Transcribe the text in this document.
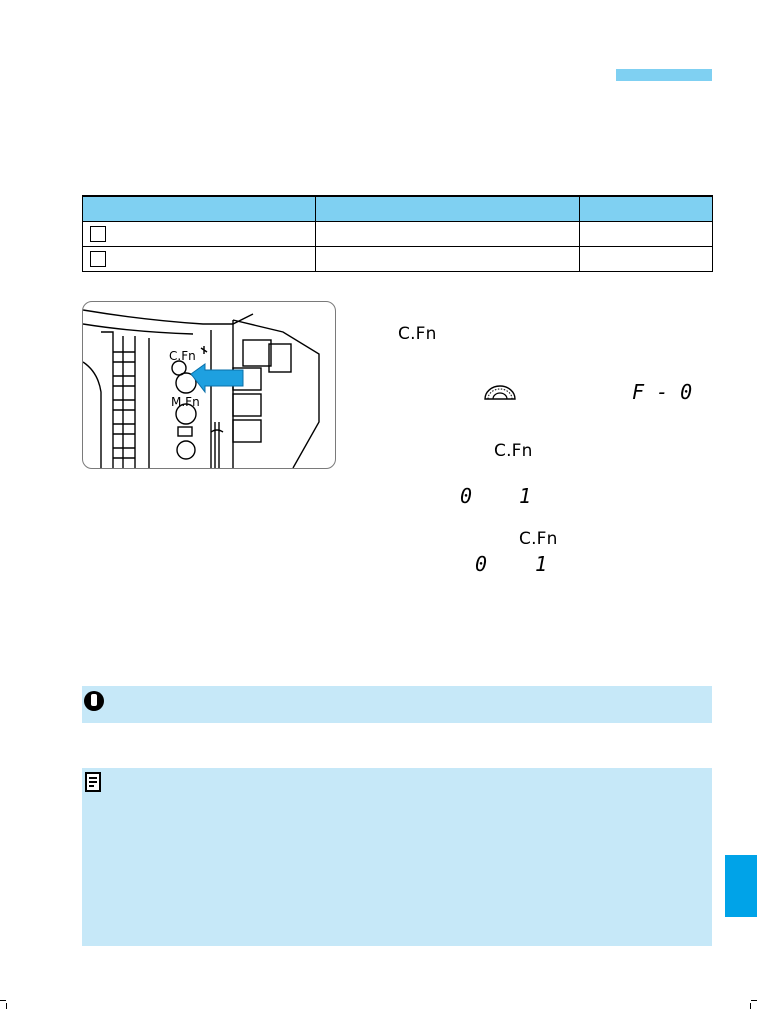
C.Fn
M.Fn
C.Fn
F - 0
C.Fn
0 1
C.Fn
0 1
